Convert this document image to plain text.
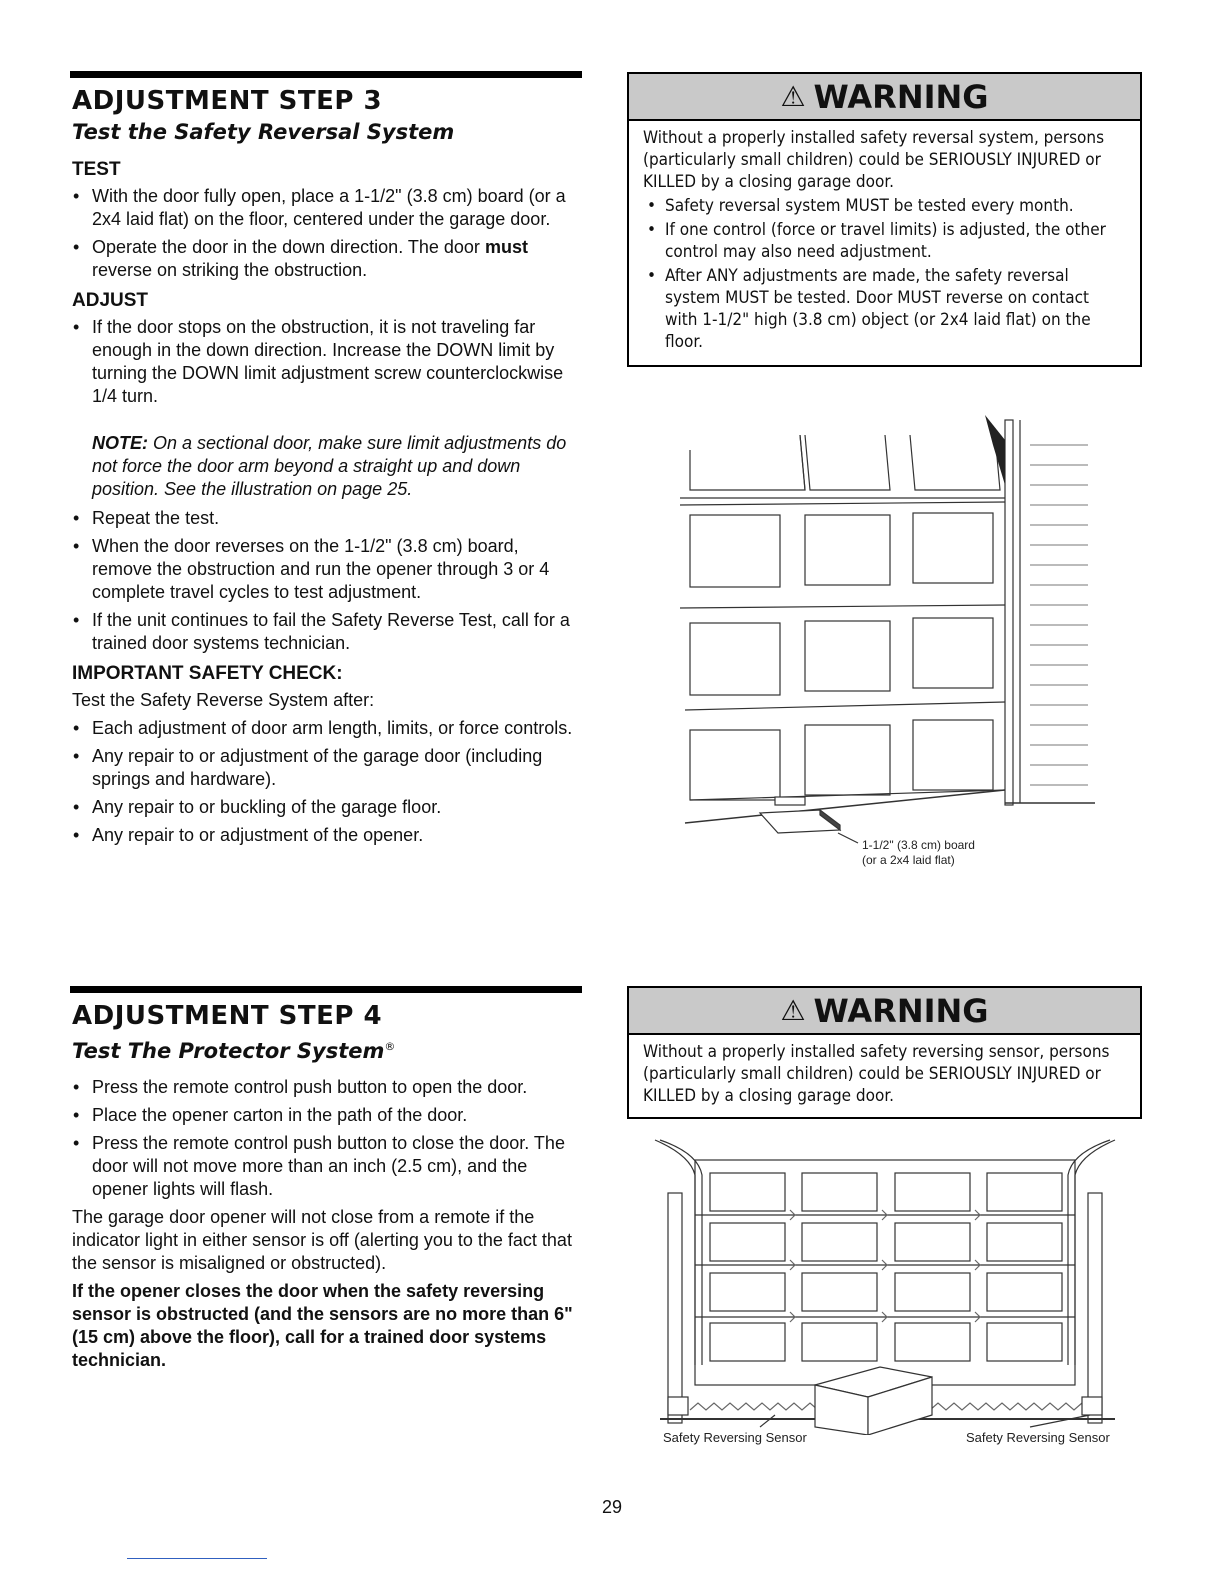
ADJUSTMENT STEP 3
Test the Safety Reversal System
TEST
• With the door fully open, place a 1-1/2" (3.8 cm) board (or a 2x4 laid flat) on the floor, centered under the garage door.
• Operate the door in the down direction. The door must reverse on striking the obstruction.
ADJUST
• If the door stops on the obstruction, it is not traveling far enough in the down direction. Increase the DOWN limit by turning the DOWN limit adjustment screw counterclockwise 1/4 turn.

NOTE: On a sectional door, make sure limit adjustments do not force the door arm beyond a straight up and down position. See the illustration on page 25.

• Repeat the test.
• When the door reverses on the 1-1/2" (3.8 cm) board, remove the obstruction and run the opener through 3 or 4 complete travel cycles to test adjustment.
• If the unit continues to fail the Safety Reverse Test, call for a trained door systems technician.
IMPORTANT SAFETY CHECK:

Test the Safety Reverse System after:

• Each adjustment of door arm length, limits, or force controls.
• Any repair to or adjustment of the garage door (including springs and hardware).
• Any repair to or buckling of the garage floor.
• Any repair to or adjustment of the opener.
⚠ WARNING

Without a properly installed safety reversal system, persons (particularly small children) could be SERIOUSLY INJURED or KILLED by a closing garage door.

• Safety reversal system MUST be tested every month.
• If one control (force or travel limits) is adjusted, the other control may also need adjustment.
• After ANY adjustments are made, the safety reversal system MUST be tested. Door MUST reverse on contact with 1-1/2" high (3.8 cm) object (or 2x4 laid flat) on the floor.
1-1/2" (3.8 cm) board
(or a 2x4 laid flat)
ADJUSTMENT STEP 4
Test The Protector System®
• Press the remote control push button to open the door.
• Place the opener carton in the path of the door.
• Press the remote control push button to close the door. The door will not move more than an inch (2.5 cm), and the opener lights will flash.

The garage door opener will not close from a remote if the indicator light in either sensor is off (alerting you to the fact that the sensor is misaligned or obstructed).

If the opener closes the door when the safety reversing sensor is obstructed (and the sensors are no more than 6" (15 cm) above the floor), call for a trained door systems technician.

⚠ WARNING

Without a properly installed safety reversing sensor, persons (particularly small children) could be SERIOUSLY INJURED or KILLED by a closing garage door.

Safety Reversing Sensor	Safety Reversing Sensor
29
